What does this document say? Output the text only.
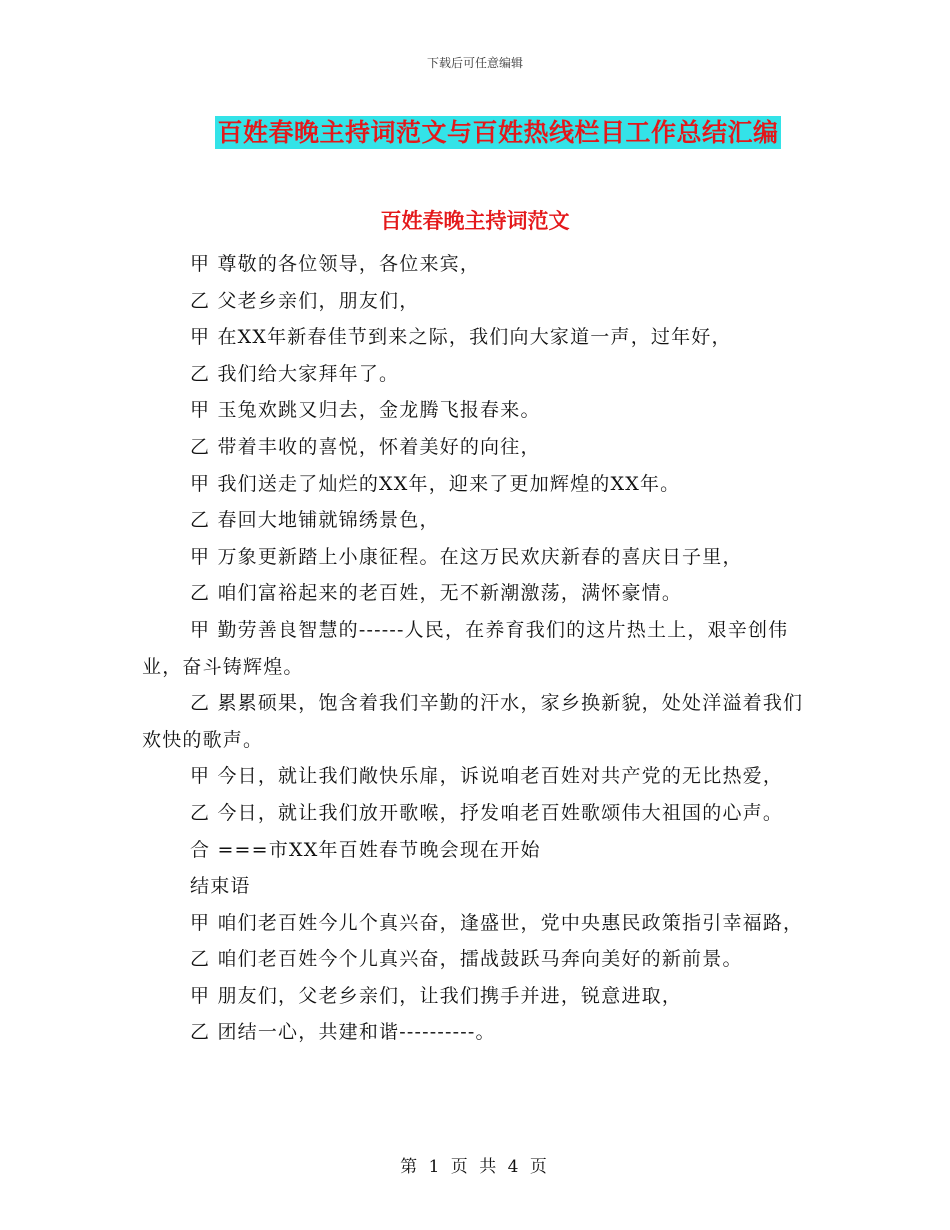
下载后可任意编辑
百姓春晚主持词范文与百姓热线栏目工作总结汇编
百姓春晚主持词范文

甲 尊敬的各位领导，各位来宾，

乙 父老乡亲们，朋友们，

甲 在XX年新春佳节到来之际，我们向大家道一声，过年好，

乙 我们给大家拜年了。

甲 玉兔欢跳又归去，金龙腾飞报春来。

乙 带着丰收的喜悦，怀着美好的向往，

甲 我们送走了灿烂的XX年，迎来了更加辉煌的XX年。

乙 春回大地铺就锦绣景色，

甲 万象更新踏上小康征程。在这万民欢庆新春的喜庆日子里，

乙 咱们富裕起来的老百姓，无不新潮激荡，满怀豪情。

甲 勤劳善良智慧的------人民，在养育我们的这片热土上，艰辛创伟业，奋斗铸辉煌。

乙 累累硕果，饱含着我们辛勤的汗水，家乡换新貌，处处洋溢着我们欢快的歌声。

甲 今日，就让我们敞快乐扉，诉说咱老百姓对共产党的无比热爱，

乙 今日，就让我们放开歌喉，抒发咱老百姓歌颂伟大祖国的心声。

合 ===市XX年百姓春节晚会现在开始

结束语

甲 咱们老百姓今儿个真兴奋，逢盛世，党中央惠民政策指引幸福路，

乙 咱们老百姓今个儿真兴奋，擂战鼓跃马奔向美好的新前景。

甲 朋友们，父老乡亲们，让我们携手并进，锐意进取，

乙 团结一心，共建和谐----------。

第 1 页 共 4 页
